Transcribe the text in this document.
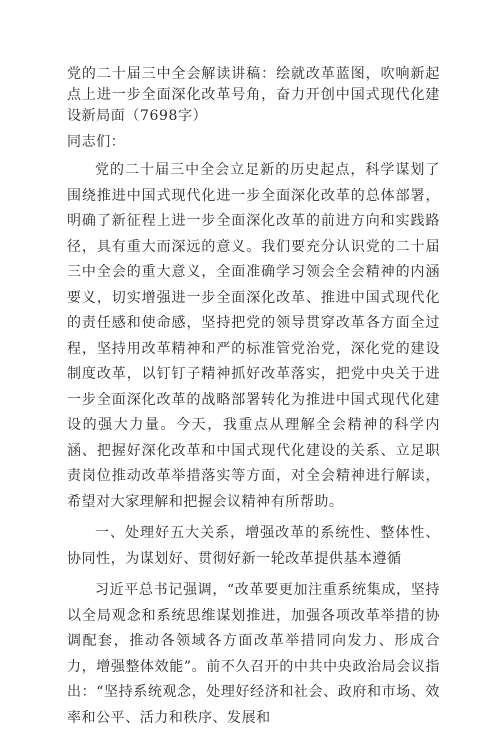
党的二十届三中全会解读讲稿：绘就改革蓝图，吹响新起点上进一步全面深化改革号角，奋力开创中国式现代化建设新局面（7698字）

同志们：

党的二十届三中全会立足新的历史起点，科学谋划了围绕推进中国式现代化进一步全面深化改革的总体部署，明确了新征程上进一步全面深化改革的前进方向和实践路径，具有重大而深远的意义。我们要充分认识党的二十届三中全会的重大意义，全面准确学习领会全会精神的内涵要义，切实增强进一步全面深化改革、推进中国式现代化的责任感和使命感，坚持把党的领导贯穿改革各方面全过程，坚持用改革精神和严的标准管党治党，深化党的建设制度改革，以钉钉子精神抓好改革落实，把党中央关于进一步全面深化改革的战略部署转化为推进中国式现代化建设的强大力量。今天，我重点从理解全会精神的科学内涵、把握好深化改革和中国式现代化建设的关系、立足职责岗位推动改革举措落实等方面，对全会精神进行解读，希望对大家理解和把握会议精神有所帮助。

一、处理好五大关系，增强改革的系统性、整体性、协同性，为谋划好、贯彻好新一轮改革提供基本遵循

习近平总书记强调，“改革要更加注重系统集成，坚持以全局观念和系统思维谋划推进，加强各项改革举措的协调配套，推动各领域各方面改革举措同向发力、形成合力，增强整体效能”。前不久召开的中共中央政治局会议指出：“坚持系统观念，处理好经济和社会、政府和市场、效率和公平、活力和秩序、发展和
